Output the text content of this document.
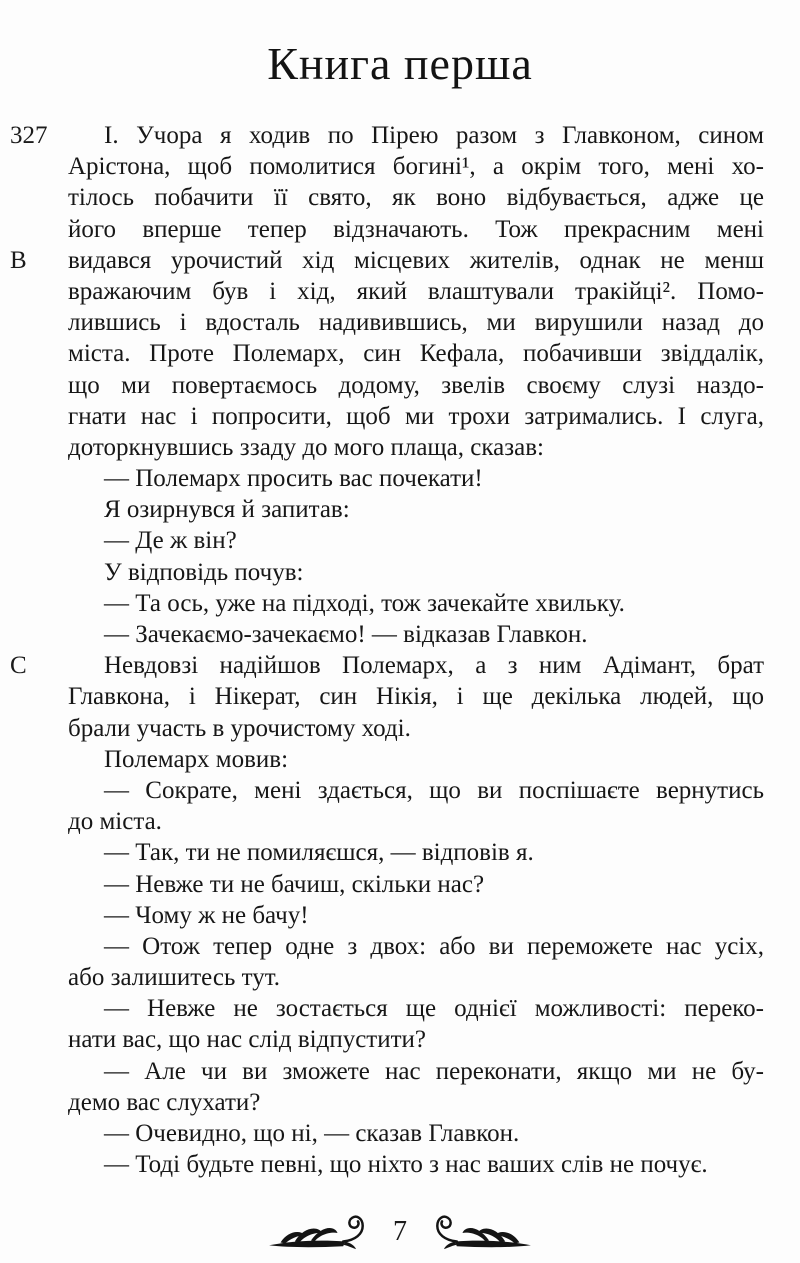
Книга перша
327	І. Учора я ходив по Пірею разом з Главконом, сином
Арістона, щоб помолитися богині¹, а окрім того, мені хо-
тілось побачити її свято, як воно відбувається, адже це
його вперше тепер відзначають. Тож прекрасним мені
В	видався урочистий хід місцевих жителів, однак не менш
вражаючим був і хід, який влаштували тракійці². Помо-
лившись і вдосталь надивившись, ми вирушили назад до
міста. Проте Полемарх, син Кефала, побачивши звіддалік,
що ми повертаємось додому, звелів своєму слузі наздо-
гнати нас і попросити, щоб ми трохи затримались. І слуга,
доторкнувшись ззаду до мого плаща, сказав:
— Полемарх просить вас почекати!
Я озирнувся й запитав:
— Де ж він?
У відповідь почув:
— Та ось, уже на підході, тож зачекайте хвильку.
— Зачекаємо-зачекаємо! — відказав Главкон.
С	Невдовзі надійшов Полемарх, а з ним Адімант, брат
Главкона, і Нікерат, син Нікія, і ще декілька людей, що
брали участь в урочистому ході.
Полемарх мовив:
— Сократе, мені здається, що ви поспішаєте вернутись
до міста.
— Так, ти не помиляєшся, — відповів я.
— Невже ти не бачиш, скільки нас?
— Чому ж не бачу!
— Отож тепер одне з двох: або ви переможете нас усіх,
або залишитесь тут.
— Невже не зостається ще однієї можливості: переко-
нати вас, що нас слід відпустити?
— Але чи ви зможете нас переконати, якщо ми не бу-
демо вас слухати?
— Очевидно, що ні, — сказав Главкон.
— Тоді будьте певні, що ніхто з нас ваших слів не почує.
7
